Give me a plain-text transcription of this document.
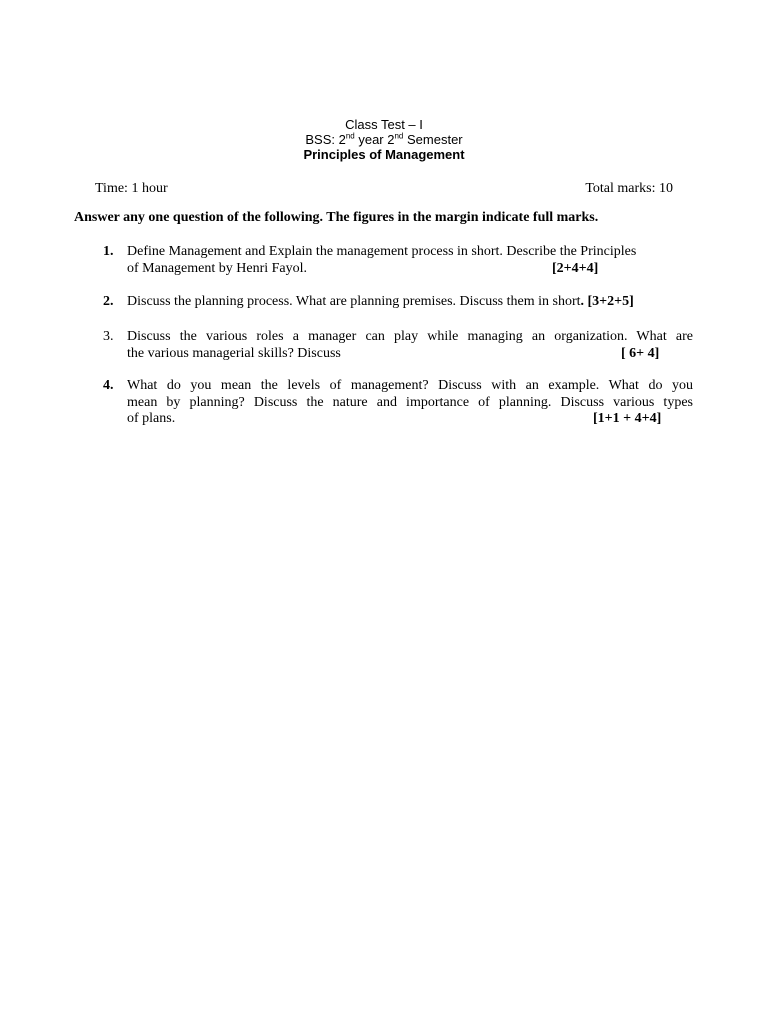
Class Test – I
BSS: 2nd year 2nd Semester
Principles of Management
Time: 1 hour	Total marks: 10
Answer any one question of the following. The figures in the margin indicate full marks.
1. Define Management and Explain the management process in short. Describe the Principles
of Management by Henri Fayol.	[2+4+4]
2. Discuss the planning process. What are planning premises. Discuss them in short. [3+2+5]
3. Discuss the various roles a manager can play while managing an organization. What are
the various managerial skills? Discuss	[ 6+ 4]
4. What do you mean the levels of management? Discuss with an example. What do you
mean by planning? Discuss the nature and importance of planning. Discuss various types
of plans.	[1+1 + 4+4]
